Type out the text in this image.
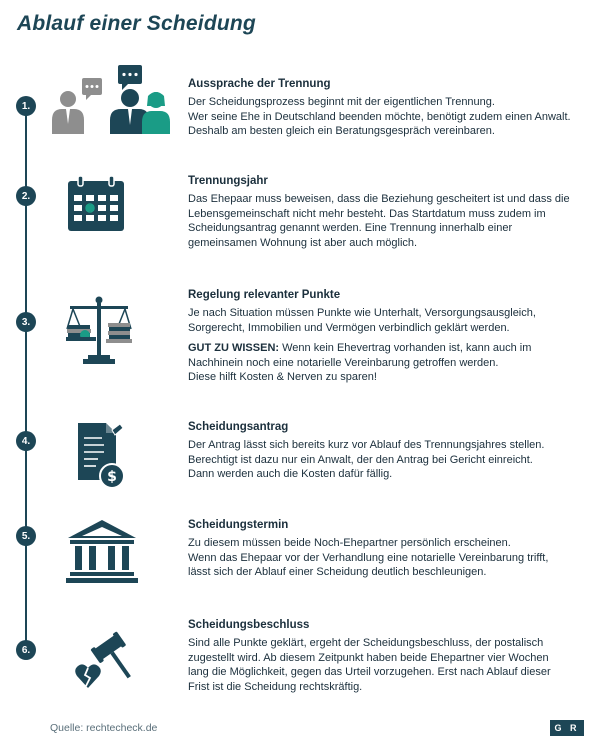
Ablauf einer Scheidung
1.
Aussprache der Trennung

Der Scheidungsprozess beginnt mit der eigentlichen Trennung.

Wer seine Ehe in Deutschland beenden möchte, benötigt zudem einen Anwalt.

Deshalb am besten gleich ein Beratungsgespräch vereinbaren.

2.
Trennungsjahr

Das Ehepaar muss beweisen, dass die Beziehung gescheitert ist und dass die

Lebensgemeinschaft nicht mehr besteht. Das Startdatum muss zudem im

Scheidungsantrag genannt werden. Eine Trennung innerhalb einer

gemeinsamen Wohnung ist aber auch möglich.

3.
Regelung relevanter Punkte

Je nach Situation müssen Punkte wie Unterhalt, Versorgungsausgleich,

Sorgerecht, Immobilien und Vermögen verbindlich geklärt werden.

GUT ZU WISSEN: Wenn kein Ehevertrag vorhanden ist, kann auch im

Nachhinein noch eine notarielle Vereinbarung getroffen werden.

Diese hilft Kosten & Nerven zu sparen!

4.
$
Scheidungsantrag

Der Antrag lässt sich bereits kurz vor Ablauf des Trennungsjahres stellen.

Berechtigt ist dazu nur ein Anwalt, der den Antrag bei Gericht einreicht.

Dann werden auch die Kosten dafür fällig.

5.
Scheidungstermin

Zu diesem müssen beide Noch-Ehepartner persönlich erscheinen.

Wenn das Ehepaar vor der Verhandlung eine notarielle Vereinbarung trifft,

lässt sich der Ablauf einer Scheidung deutlich beschleunigen.

6.
Scheidungsbeschluss

Sind alle Punkte geklärt, ergeht der Scheidungsbeschluss, der postalisch

zugestellt wird. Ab diesem Zeitpunkt haben beide Ehepartner vier Wochen

lang die Möglichkeit, gegen das Urteil vorzugehen. Erst nach Ablauf dieser

Frist ist die Scheidung rechtskräftig.

Quelle: rechtecheck.de	G R
